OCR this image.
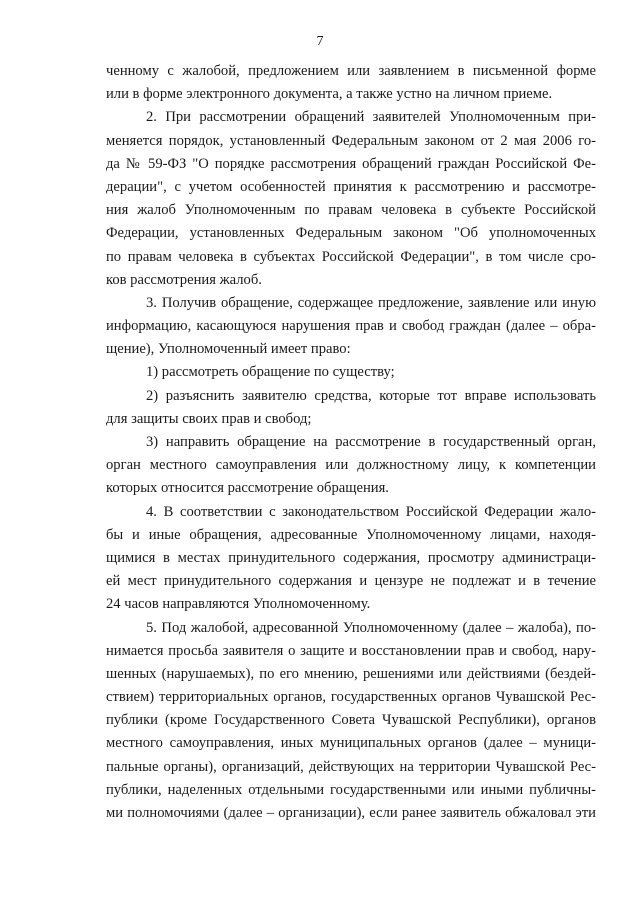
7
ченному с жалобой, предложением или заявлением в письменной форме
или в форме электронного документа, а также устно на личном приеме.
2. При рассмотрении обращений заявителей Уполномоченным при-
меняется порядок, установленный Федеральным законом от 2 мая 2006 го-
да № 59-ФЗ "О порядке рассмотрения обращений граждан Российской Фе-
дерации", с учетом особенностей принятия к рассмотрению и рассмотре-
ния жалоб Уполномоченным по правам человека в субъекте Российской
Федерации, установленных Федеральным законом "Об уполномоченных
по правам человека в субъектах Российской Федерации", в том числе сро-
ков рассмотрения жалоб.
3. Получив обращение, содержащее предложение, заявление или иную
информацию, касающуюся нарушения прав и свобод граждан (далее – обра-
щение), Уполномоченный имеет право:
1) рассмотреть обращение по существу;
2) разъяснить заявителю средства, которые тот вправе использовать
для защиты своих прав и свобод;
3) направить обращение на рассмотрение в государственный орган,
орган местного самоуправления или должностному лицу, к компетенции
которых относится рассмотрение обращения.
4. В соответствии с законодательством Российской Федерации жало-
бы и иные обращения, адресованные Уполномоченному лицами, находя-
щимися в местах принудительного содержания, просмотру администраци-
ей мест принудительного содержания и цензуре не подлежат и в течение
24 часов направляются Уполномоченному.
5. Под жалобой, адресованной Уполномоченному (далее – жалоба), по-
нимается просьба заявителя о защите и восстановлении прав и свобод, нару-
шенных (нарушаемых), по его мнению, решениями или действиями (бездей-
ствием) территориальных органов, государственных органов Чувашской Рес-
публики (кроме Государственного Совета Чувашской Республики), органов
местного самоуправления, иных муниципальных органов (далее – муници-
пальные органы), организаций, действующих на территории Чувашской Рес-
публики, наделенных отдельными государственными или иными публичны-
ми полномочиями (далее – организации), если ранее заявитель обжаловал эти
